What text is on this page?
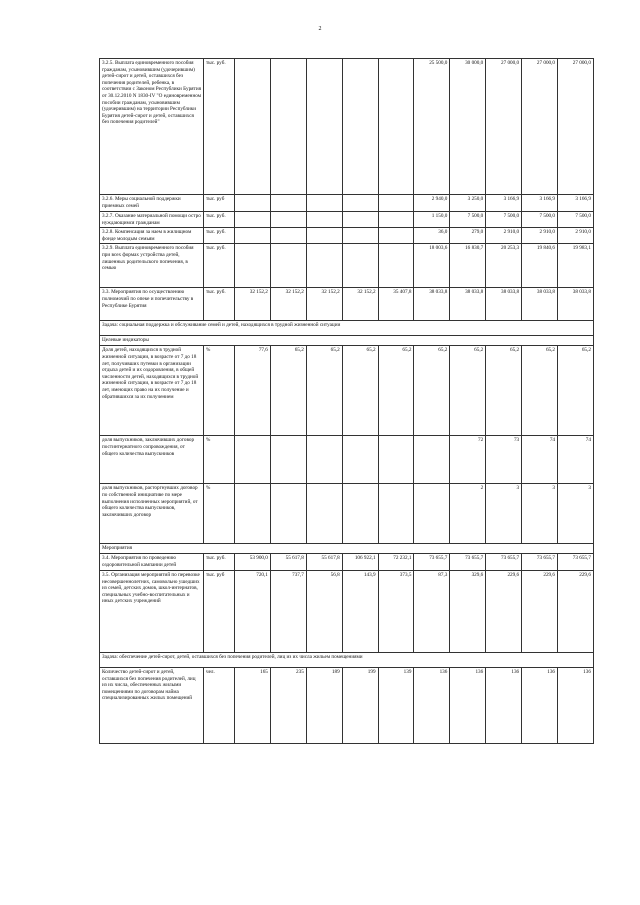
2
3.2.5. Выплата единовременного пособия гражданам, усыновившим (удочерившим) детей-сирот и детей, оставшихся без попечения родителей, ребенка, в соответствии с Законом Республики Бурятия от 30.12.2010 N 1830-IV "О единовременном пособии гражданам, усыновившим (удочерившим) на территории Республики Бурятия детей-сирот и детей, оставшихся без попечения родителей"	тыс. руб.						25 500,0	30 000,0	27 000,0	27 000,0	27 000,0
3.2.6. Меры социальной поддержки приемных семей	тыс. руб						2 940,0	3 250,0	3 166,9	3 166,9	3 166,9
3.2.7. Оказание материальной помощи остро нуждающимся гражданам	тыс. руб.						1 150,0	7 500,0	7 500,0	7 500,0	7 500,0
3.2.8. Компенсация за наем в жилищном фонде молодым семьям	тыс. руб.						36,0	279,0	2 910,0	2 910,0	2 910,0
3.2.9. Выплата единовременного пособия при всех формах устройства детей, лишенных родительского попечения, в семью	тыс. руб.						18 003,6	16 830,7	20 253,3	19 840,6	19 983,1
3.3. Мероприятия по осуществлению полномочий по опеке и попечительству в Республике Бурятия	тыс. руб.	32 152,2	32 152,2	32 152,2	32 152,2	35 407,8	38 033,8	38 033,8	38 033,8	38 033,8	38 033,8
Задача: социальная поддержка и обслуживание семей и детей, находящихся в трудной жизненной ситуации											
Целевые индикаторы											
Доля детей, находящихся в трудной жизненной ситуации, в возрасте от 7 до 18 лет, получивших путевки в организации отдыха детей и их оздоровления, в общей численности детей, находящихся в трудной жизненной ситуации, в возрасте от 7 до 18 лет, имеющих право на их получение и обратившихся за их получением	%	77,6	65,2	65,2	65,2	65,2	65,2	65,2	65,2	65,2	65,2
доля выпускников, заключивших договор постинтернатного сопровождения, от общего количества выпускников	%							72	73	74	74
доля выпускников, расторгнувших договор по собственной инициативе по мере выполнения исполненных мероприятий, от общего количества выпускников, заключивших договор	%							2	3	3	3
Мероприятия											
3.4. Мероприятия по проведению оздоровительной кампании детей	тыс. руб.	53 900,0	55 617,8	55 617,8	106 922,1	72 232,1	73 655,7	73 655,7	73 655,7	73 655,7	73 655,7
3.5. Организация мероприятий по перевозке несовершеннолетних, самовольно ушедших из семей, детских домов, школ-интернатов, специальных учебно-воспитательных и иных детских учреждений	тыс. руб	720,1	737,7	56,8	143,9	373,5	87,3	329,6	229,6	229,6	229,6
Задача: обеспечение детей-сирот, детей, оставшихся без попечения родителей, лиц из их числа жильем помещениями											
Количество детей-сирот и детей, оставшихся без попечения родителей, лиц из их числа, обеспеченных жилыми помещениями по договорам найма специализированных жилых помещений	чел.	165	235	189	199	139	136	136	136	136	136
